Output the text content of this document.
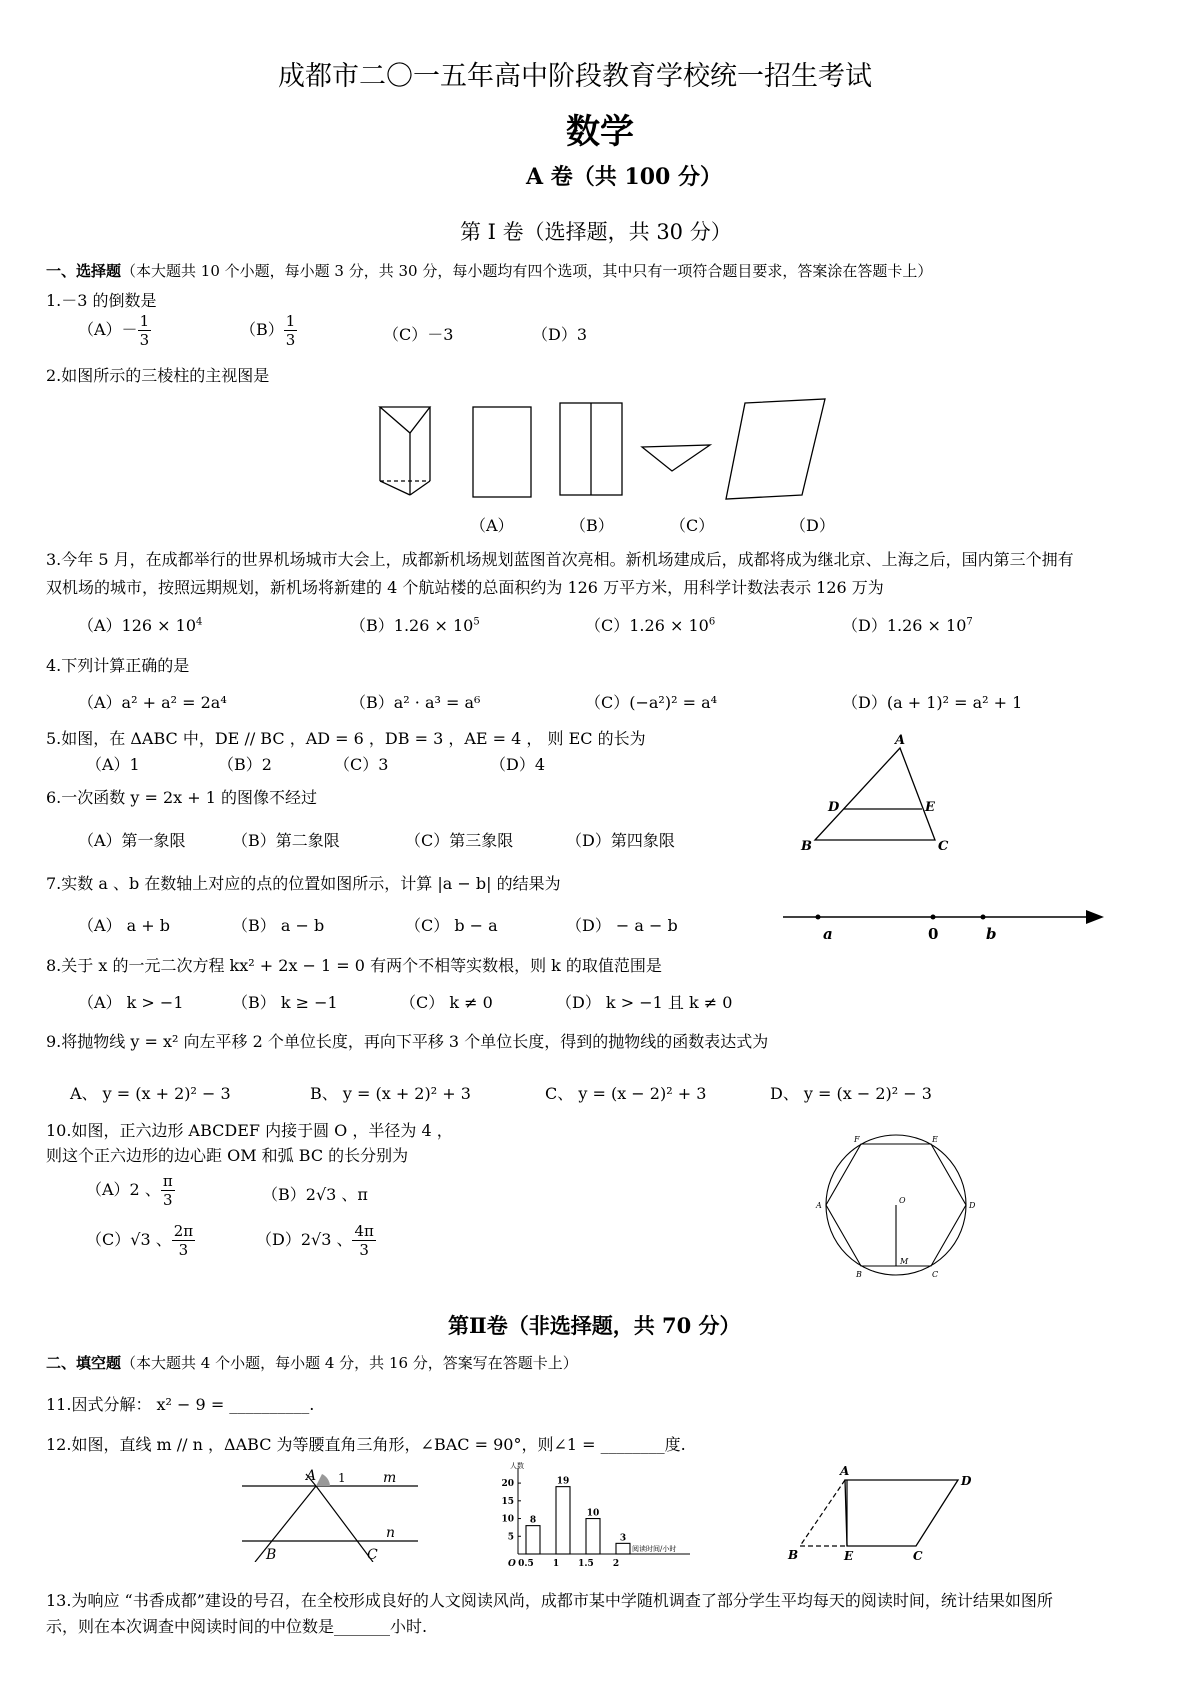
成都市二〇一五年高中阶段教育学校统一招生考试
数学
A 卷（共 100 分）
第 I 卷（选择题，共 30 分）
一、选择题（本大题共 10 个小题，每小题 3 分，共 30 分，每小题均有四个选项，其中只有一项符合题目要求，答案涂在答题卡上）
1.－3 的倒数是
$(A)- \frac{1}{3}$	$(B) \frac{1}{3}$	（C）－3	（D）3
2.如图所示的三棱柱的主视图是
（A）	（B）	（C）	（D）
3.今年 5 月，在成都举行的世界机场城市大会上，成都新机场规划蓝图首次亮相。新机场建成后，成都将成为继北京、上海之后，国内第三个拥有
双机场的城市，按照远期规划，新机场将新建的 4 个航站楼的总面积约为 126 万平方米，用科学计数法表示 126 万为
$(A)126 \times 10^4$	$(B)1.26 \times 10^5$	$(C)1.26 \times 10^6$	$(D)1.26 \times 10^7$
4.下列计算正确的是
（A）a² + a² = 2a⁴	（B）a² · a³ = a⁶	（C）(−a²)² = a⁴	（D）(a + 1)² = a² + 1
5.如图，在 ΔABC 中，DE // BC ，AD = 6 ，DB = 3 ，AE = 4 ， 则 EC 的长为
（A）1	（B）2	（C）3	（D）4
A
B	C
D	E
6.一次函数 y = 2x + 1 的图像不经过
（A）第一象限	（B）第二象限	（C）第三象限	（D）第四象限
7.实数 a 、b 在数轴上对应的点的位置如图所示，计算 |a − b| 的结果为
（A） a + b	（B） a − b	（C） b − a	（D） − a − b	a	0	b
8.关于 x 的一元二次方程 kx² + 2x − 1 = 0 有两个不相等实数根，则 k 的取值范围是
（A） k > −1	（B） k ≥ −1	（C） k ≠ 0	（D） k > −1 且 k ≠ 0
9.将抛物线 y = x² 向左平移 2 个单位长度，再向下平移 3 个单位长度，得到的抛物线的函数表达式为
A、 y = (x + 2)² − 3	B、 y = (x + 2)² + 3	C、 y = (x − 2)² + 3	D、 y = (x − 2)² − 3
10.如图，正六边形 ABCDEF 内接于圆 O ，半径为 4 ，
则这个正六边形的边心距 OM 和弧 BC 的长分别为
（A）2 、 $\frac{\pi}{3}$	（B）2√3 、π
（C）√3 、 $\frac{2\pi}{3}$	（D）2√3 、 $\frac{4\pi}{3}$
F	E
A	D
B	C
O
M
第Ⅱ卷（非选择题，共 70 分）
二、填空题（本大题共 4 个小题，每小题 4 分，共 16 分，答案写在答题卡上）
11.因式分解： x² − 9 = __________.
12.如图，直线 m // n ，ΔABC 为等腰直角三角形，∠BAC = 90°，则∠1 = ________度.
A 1	m
n
B	C
人数
O
5
10
15
20
8
0.5
19
1
10
1.5
3
2
阅读时间/小时
A
D
B	E	C
13.为响应 “书香成都”建设的号召，在全校形成良好的人文阅读风尚，成都市某中学随机调查了部分学生平均每天的阅读时间，统计结果如图所
示，则在本次调查中阅读时间的中位数是_______小时.
